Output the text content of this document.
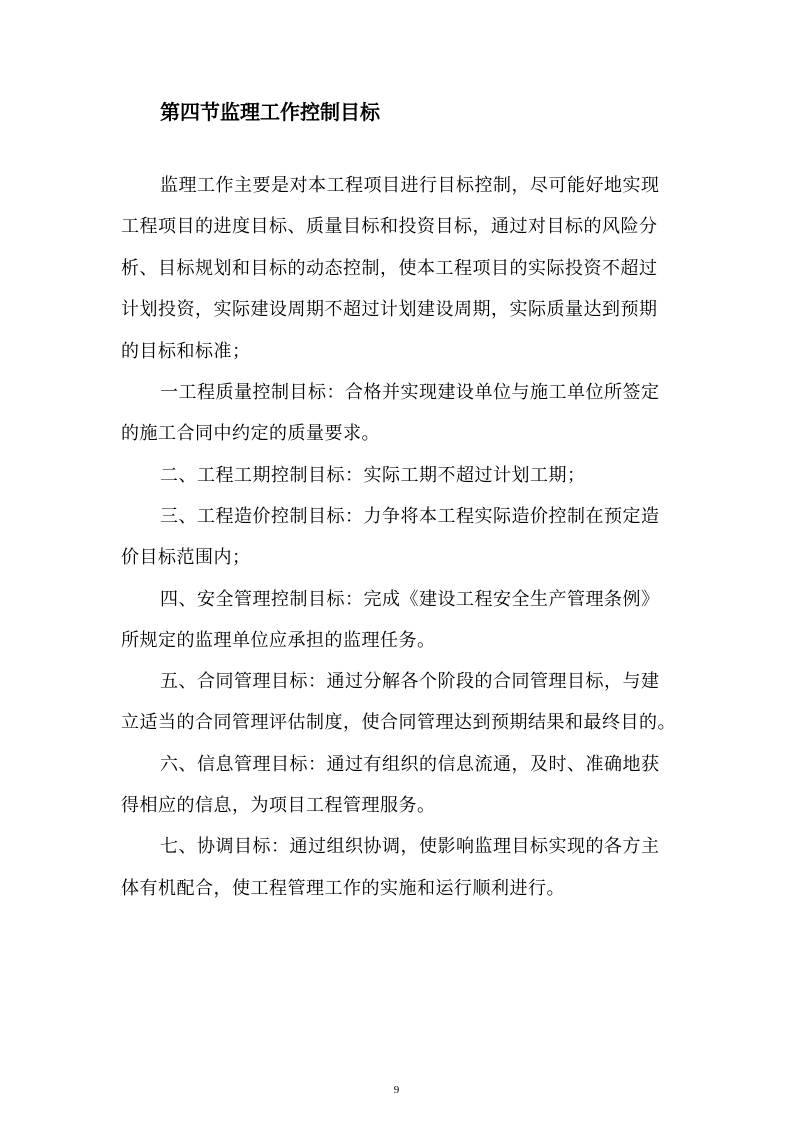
第四节监理工作控制目标

监理工作主要是对本工程项目进行目标控制，尽可能好地实现

工程项目的进度目标、质量目标和投资目标，通过对目标的风险分

析、目标规划和目标的动态控制，使本工程项目的实际投资不超过

计划投资，实际建设周期不超过计划建设周期，实际质量达到预期

的目标和标准；

一工程质量控制目标：合格并实现建设单位与施工单位所签定

的施工合同中约定的质量要求。

二、工程工期控制目标：实际工期不超过计划工期；

三、工程造价控制目标：力争将本工程实际造价控制在预定造

价目标范围内；

四、安全管理控制目标：完成《建设工程安全生产管理条例》

所规定的监理单位应承担的监理任务。

五、合同管理目标：通过分解各个阶段的合同管理目标，与建

立适当的合同管理评估制度，使合同管理达到预期结果和最终目的。

六、信息管理目标：通过有组织的信息流通，及时、准确地获

得相应的信息，为项目工程管理服务。

七、协调目标：通过组织协调，使影响监理目标实现的各方主

体有机配合，使工程管理工作的实施和运行顺利进行。

9
